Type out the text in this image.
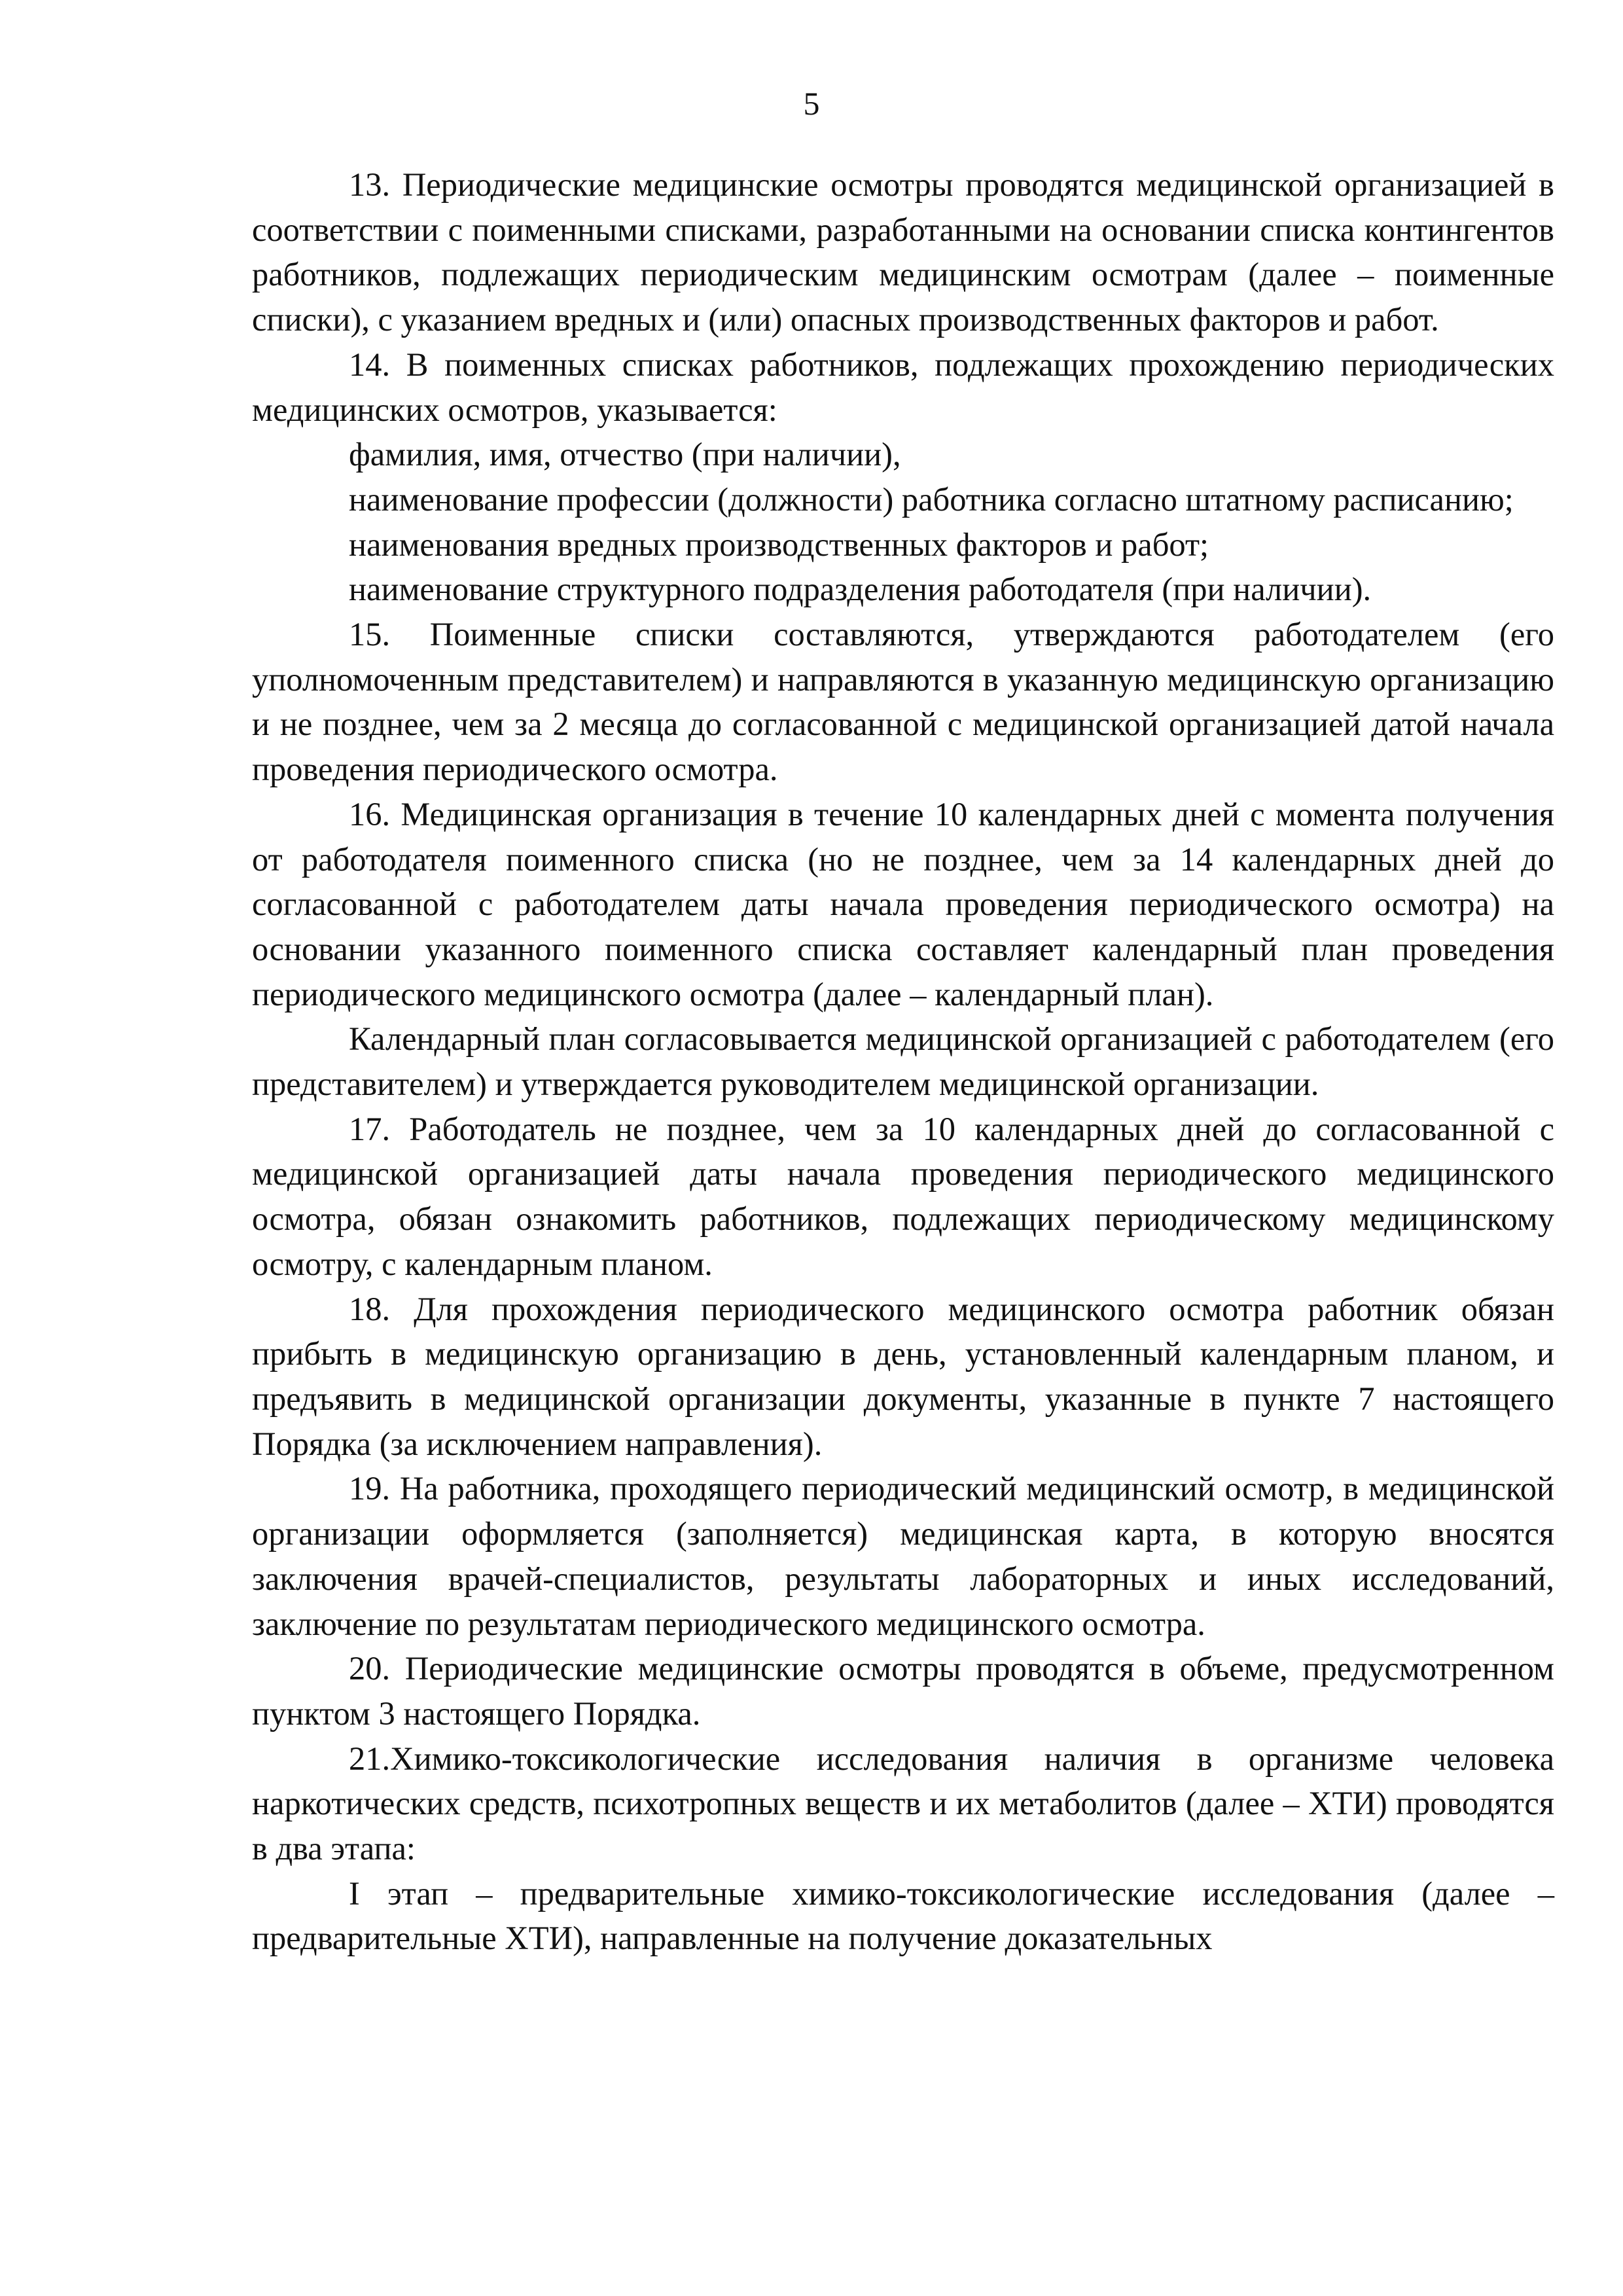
5

13. Периодические медицинские осмотры проводятся медицинской организацией в соответствии с поименными списками, разработанными на основании списка контингентов работников, подлежащих периодическим медицинским осмотрам (далее – поименные списки), с указанием вредных и (или) опасных производственных факторов и работ.

14. В поименных списках работников, подлежащих прохождению периодических медицинских осмотров, указывается:

фамилия, имя, отчество (при наличии),

наименование профессии (должности) работника согласно штатному расписанию;

наименования вредных производственных факторов и работ;

наименование структурного подразделения работодателя (при наличии).

15. Поименные списки составляются, утверждаются работодателем (его уполномоченным представителем) и направляются в указанную медицинскую организацию и не позднее, чем за 2 месяца до согласованной с медицинской организацией датой начала проведения периодического осмотра.

16. Медицинская организация в течение 10 календарных дней с момента получения от работодателя поименного списка (но не позднее, чем за 14 календарных дней до согласованной с работодателем даты начала проведения периодического осмотра) на основании указанного поименного списка составляет календарный план проведения периодического медицинского осмотра (далее – календарный план).

Календарный план согласовывается медицинской организацией с работодателем (его представителем) и утверждается руководителем медицинской организации.

17. Работодатель не позднее, чем за 10 календарных дней до согласованной с медицинской организацией даты начала проведения периодического медицинского осмотра, обязан ознакомить работников, подлежащих периодическому медицинскому осмотру, с календарным планом.

18. Для прохождения периодического медицинского осмотра работник обязан прибыть в медицинскую организацию в день, установленный календарным планом, и предъявить в медицинской организации документы, указанные в пункте 7 настоящего Порядка (за исключением направления).

19. На работника, проходящего периодический медицинский осмотр, в медицинской организации оформляется (заполняется) медицинская карта, в которую вносятся заключения врачей-специалистов, результаты лабораторных и иных исследований, заключение по результатам периодического медицинского осмотра.

20. Периодические медицинские осмотры проводятся в объеме, предусмотренном пунктом 3 настоящего Порядка.

21.Химико-токсикологические исследования наличия в организме человека наркотических средств, психотропных веществ и их метаболитов (далее – ХТИ) проводятся в два этапа:

I этап – предварительные химико-токсикологические исследования (далее – предварительные ХТИ), направленные на получение доказательных
